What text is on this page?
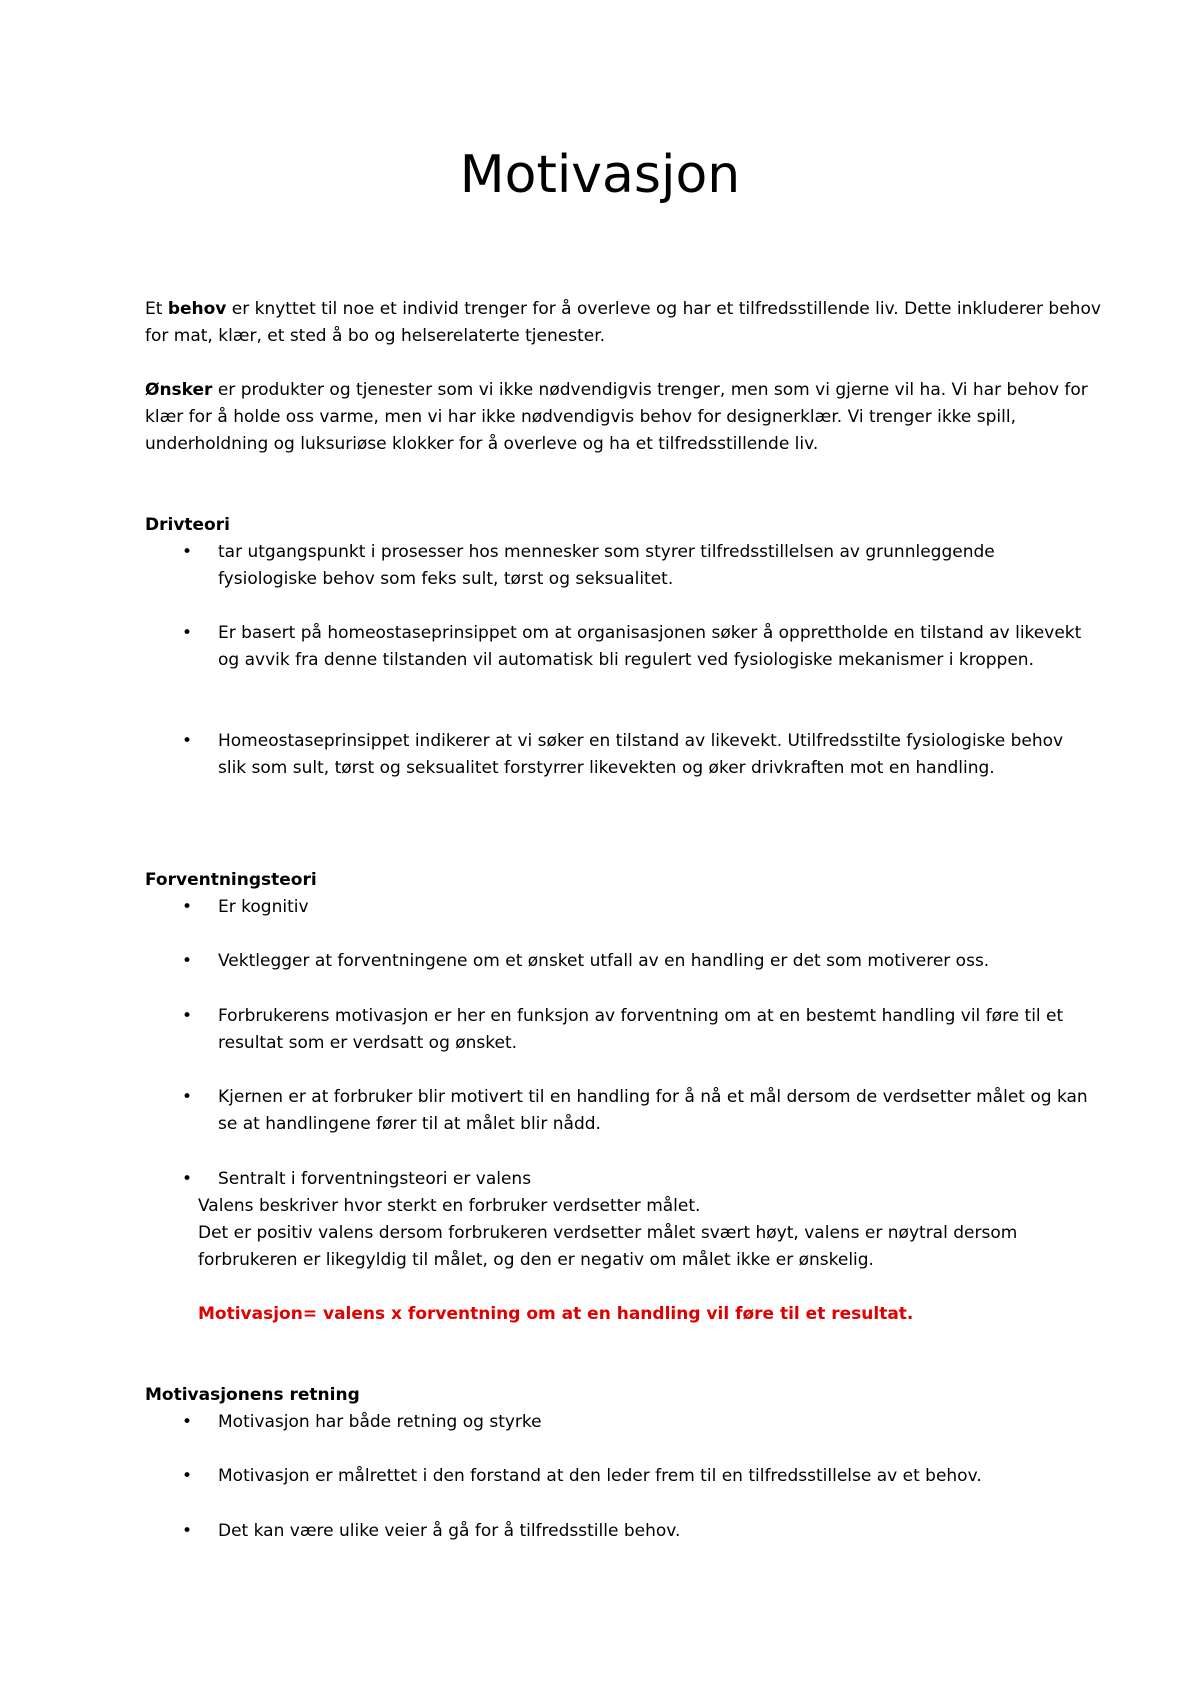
Motivasjon

Et behov er knyttet til noe et individ trenger for å overleve og har et tilfredsstillende liv. Dette inkluderer behov for mat, klær, et sted å bo og helserelaterte tjenester.

Ønsker er produkter og tjenester som vi ikke nødvendigvis trenger, men som vi gjerne vil ha. Vi har behov for klær for å holde oss varme, men vi har ikke nødvendigvis behov for designerklær. Vi trenger ikke spill, underholdning og luksuriøse klokker for å overleve og ha et tilfredsstillende liv.

Drivteori

•	tar utgangspunkt i prosesser hos mennesker som styrer tilfredsstillelsen av grunnleggende fysiologiske behov som feks sult, tørst og seksualitet.

•	Er basert på homeostaseprinsippet om at organisasjonen søker å opprettholde en tilstand av likevekt og avvik fra denne tilstanden vil automatisk bli regulert ved fysiologiske mekanismer i kroppen.

•	Homeostaseprinsippet indikerer at vi søker en tilstand av likevekt. Utilfredsstilte fysiologiske behov slik som sult, tørst og seksualitet forstyrrer likevekten og øker drivkraften mot en handling.

Forventningsteori

•	Er kognitiv

•	Vektlegger at forventningene om et ønsket utfall av en handling er det som motiverer oss.

•	Forbrukerens motivasjon er her en funksjon av forventning om at en bestemt handling vil føre til et resultat som er verdsatt og ønsket.

•	Kjernen er at forbruker blir motivert til en handling for å nå et mål dersom de verdsetter målet og kan se at handlingene fører til at målet blir nådd.

•	Sentralt i forventningsteori er valens

Valens beskriver hvor sterkt en forbruker verdsetter målet.

Det er positiv valens dersom forbrukeren verdsetter målet svært høyt, valens er nøytral dersom forbrukeren er likegyldig til målet, og den er negativ om målet ikke er ønskelig.

Motivasjon= valens x forventning om at en handling vil føre til et resultat.

Motivasjonens retning

•	Motivasjon har både retning og styrke

•	Motivasjon er målrettet i den forstand at den leder frem til en tilfredsstillelse av et behov.

•	Det kan være ulike veier å gå for å tilfredsstille behov.
